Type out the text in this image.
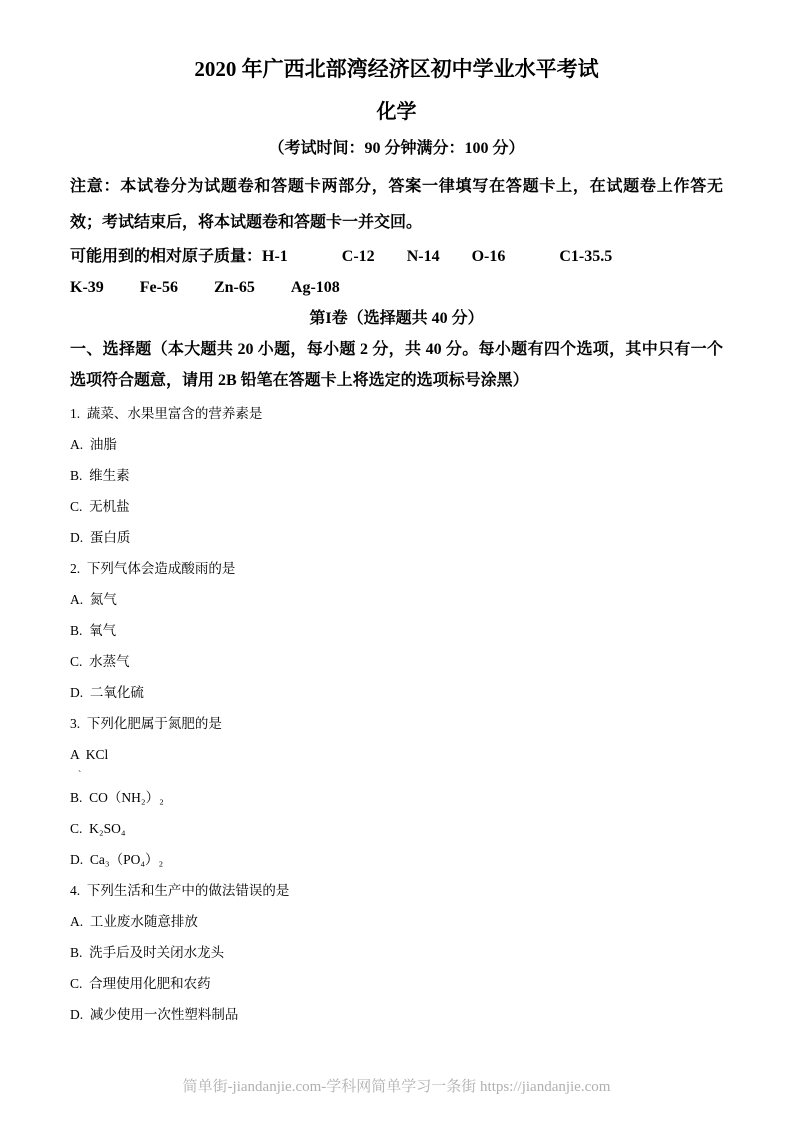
2020 年广西北部湾经济区初中学业水平考试
化学
（考试时间：90 分钟满分：100 分）

注意：本试卷分为试题卷和答题卡两部分，答案一律填写在答题卡上，在试题卷上作答无效；考试结束后，将本试题卷和答题卡一并交回。

可能用到的相对原子质量：H-1	C-12 N-14 O-16	C1-35.5
K-39 Fe-56 Zn-65 Ag-108
第I卷（选择题共 40 分）

一、选择题（本大题共 20 小题，每小题 2 分，共 40 分。每小题有四个选项，其中只有一个选项符合题意，请用 2B 铅笔在答题卡上将选定的选项标号涂黑）

1.  蔬菜、水果里富含的营养素是
A.  油脂
B.  维生素
C.  无机盐
D.  蛋白质
2.  下列气体会造成酸雨的是
A.  氮气
B.  氧气
C.  水蒸气
D.  二氧化硫
3.  下列化肥属于氮肥的是
A  KCl
`
B.  CO（NH₂）₂
C.  K₂SO₄
D.  Ca₃（PO₄）₂
4.  下列生活和生产中的做法错误的是
A.  工业废水随意排放
B.  洗手后及时关闭水龙头
C.  合理使用化肥和农药
D.  减少使用一次性塑料制品
简单街-jiandanjie.com-学科网简单学习一条街 https://jiandanjie.com
